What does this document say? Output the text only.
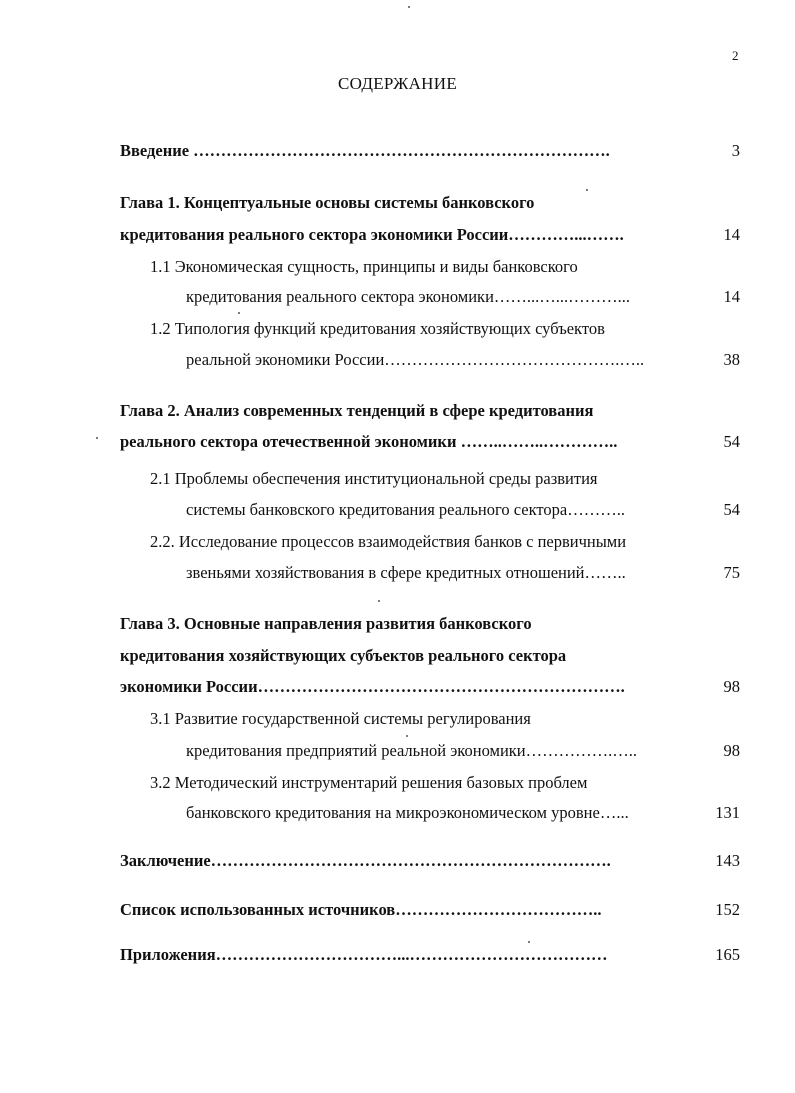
2
СОДЕРЖАНИЕ
Введение ………………………………………………………………….	3
Глава 1. Концептуальные основы системы банковского
кредитования реального сектора экономики России…………...…….	14
1.1 Экономическая сущность, принципы и виды банковского
кредитования реального сектора экономики……...…...………...	14
1.2 Типология функций кредитования хозяйствующих субъектов
реальной экономики России…………………………………….…..	38
Глава 2. Анализ современных тенденций в сфере кредитования
реального сектора отечественной экономики ……..……..…………..	54
2.1 Проблемы обеспечения институциональной среды развития
системы банковского кредитования реального сектора………..	54
2.2. Исследование процессов взаимодействия банков с первичными
звеньями хозяйствования в сфере кредитных отношений……..	75
Глава 3. Основные направления развития банковского
кредитования хозяйствующих субъектов реального сектора
экономики России………………………………………………………….	98
3.1 Развитие государственной системы регулирования
кредитования предприятий реальной экономики…………….…..	98
3.2 Методический инструментарий решения базовых проблем
банковского кредитования на микроэкономическом уровне…...	131
Заключение……………………………………………………………….	143
Список использованных источников………………………………..	152
Приложения……………………………...………………………………	165
